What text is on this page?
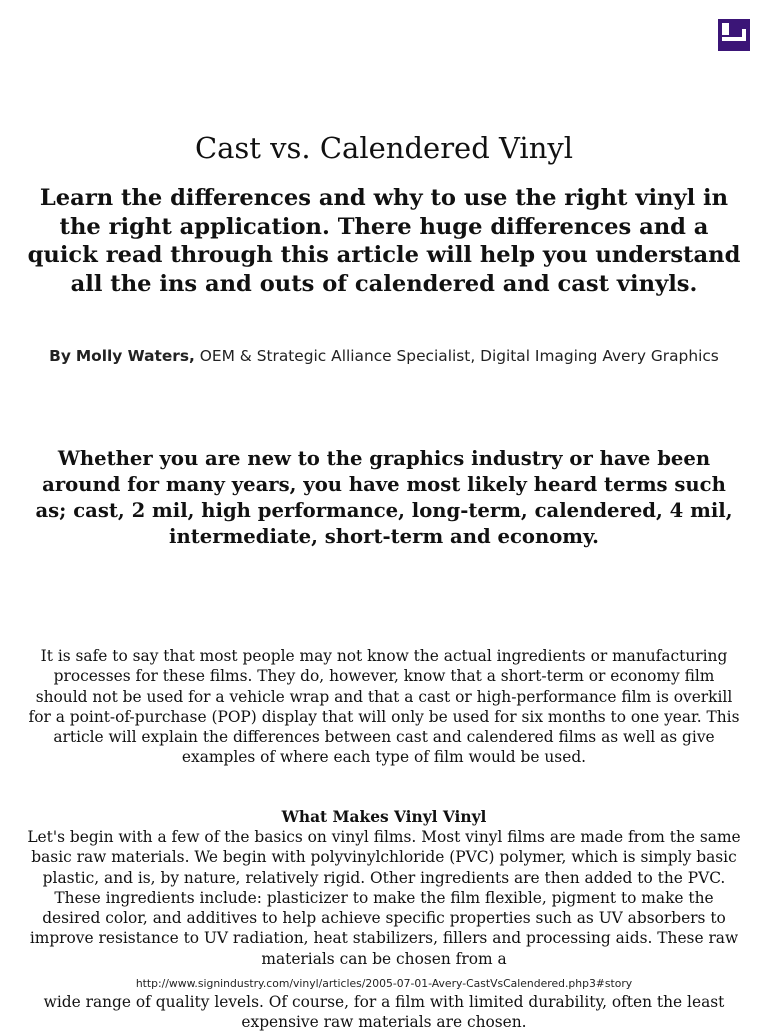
Cast vs. Calendered Vinyl
Learn the differences and why to use the right vinyl in the right application. There huge differences and a quick read through this article will help you understand all the ins and outs of calendered and cast vinyls.

By Molly Waters, OEM & Strategic Alliance Specialist, Digital Imaging Avery Graphics

Whether you are new to the graphics industry or have been around for many years, you have most likely heard terms such as; cast, 2 mil, high performance, long-term, calendered, 4 mil, intermediate, short-term and economy.

It is safe to say that most people may not know the actual ingredients or manufacturing processes for these films. They do, however, know that a short-term or economy film should not be used for a vehicle wrap and that a cast or high-performance film is overkill for a point-of-purchase (POP) display that will only be used for six months to one year. This article will explain the differences between cast and calendered films as well as give examples of where each type of film would be used.

What Makes Vinyl Vinyl

Let's begin with a few of the basics on vinyl films. Most vinyl films are made from the same basic raw materials. We begin with polyvinylchloride (PVC) polymer, which is simply basic plastic, and is, by nature, relatively rigid. Other ingredients are then added to the PVC. These ingredients include: plasticizer to make the film flexible, pigment to make the desired color, and additives to help achieve specific properties such as UV absorbers to improve resistance to UV radiation, heat stabilizers, fillers and processing aids. These raw materials can be chosen from a

http://www.signindustry.com/vinyl/articles/2005-07-01-Avery-CastVsCalendered.php3#story

wide range of quality levels. Of course, for a film with limited durability, often the least expensive raw materials are chosen.
